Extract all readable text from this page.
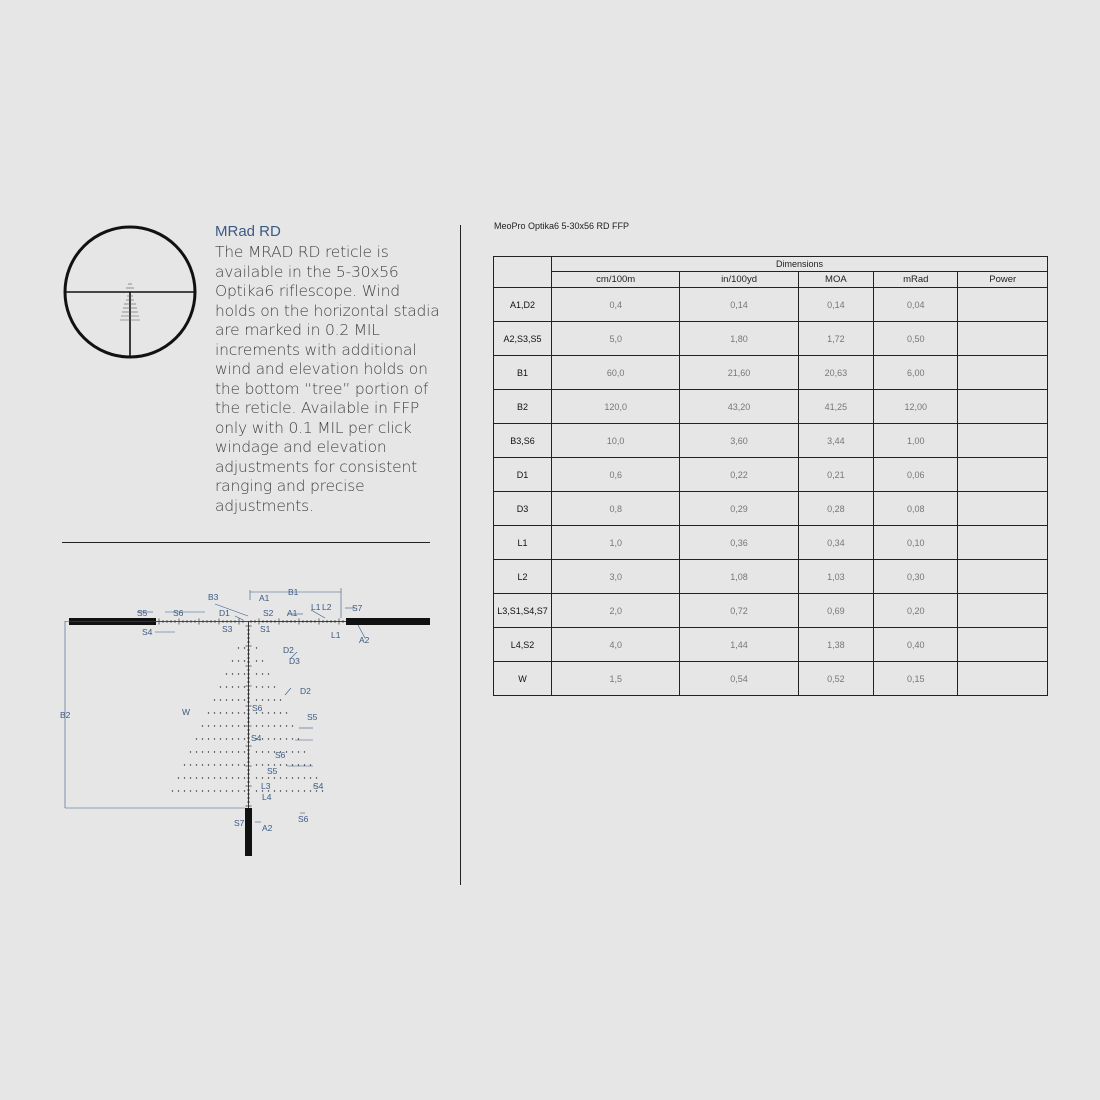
MRad RD
The MRAD RD reticle is available in the 5-30x56 Optika6 riflescope. Wind holds on the horizontal stadia are marked in 0.2 MIL increments with additional wind and elevation holds on the bottom “tree” portion of the reticle. Available in FFP only with 0.1 MIL per click windage and elevation adjustments for consistent ranging and precise adjustments.
B2
B1
B3	A1
A1
A2
A2
S1
S2
S3
S4
S4
S4
S5
S5
S5
S6
S6
S6
S6
S7
S7
D1
D2
D2
D3
L1
L1
L2
L3
L4
W
MeoPro Optika6 5-30x56 RD FFP
	Dimensions				
	cm/100m	in/100yd	MOA	mRad	Power
A1,D2	0,4	0,14	0,14	0,04	
A2,S3,S5	5,0	1,80	1,72	0,50	
B1	60,0	21,60	20,63	6,00	
B2	120,0	43,20	41,25	12,00	
B3,S6	10,0	3,60	3,44	1,00	
D1	0,6	0,22	0,21	0,06	
D3	0,8	0,29	0,28	0,08	
L1	1,0	0,36	0,34	0,10	
L2	3,0	1,08	1,03	0,30	
L3,S1,S4,S7	2,0	0,72	0,69	0,20	
L4,S2	4,0	1,44	1,38	0,40	
W	1,5	0,54	0,52	0,15	
